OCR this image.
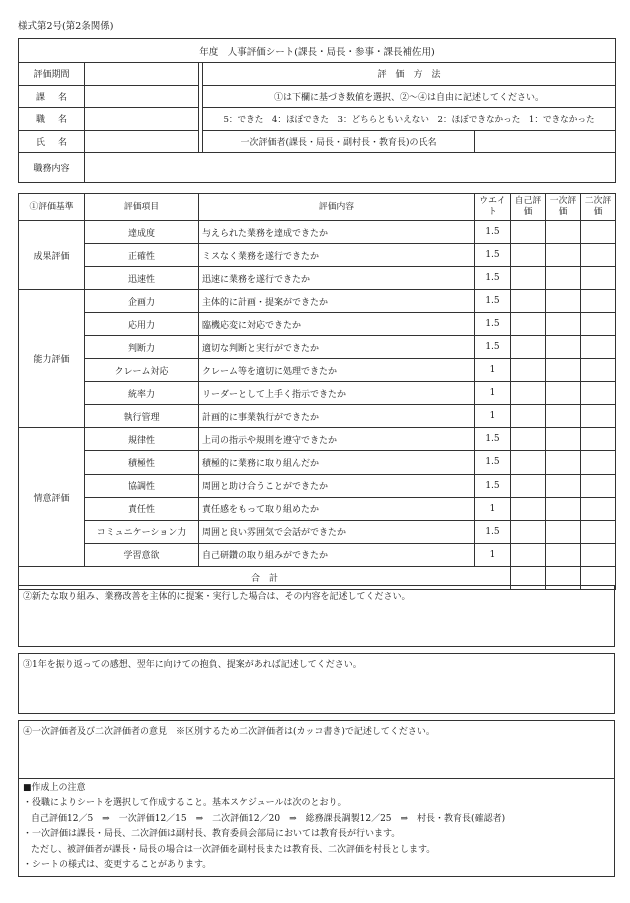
様式第2号(第2条関係)
年度　人事評価シート(課長・局長・参事・課長補佐用)				
評価期間			評　価　方　法	

課 名			①は下欄に基づき数値を選択、②〜④は自由に記述してください。	

職 名			5：できた　4：ほぼできた　3：どちらともいえない　2：ほぼできなかった　1：できなかった	

氏 名			一次評価者(課長・局長・副村長・教育長)の氏名	
職務内容				
①評価基準	評価項目	評価内容	ウエイト	自己評価	一次評価	二次評価
成果評価	達成度	与えられた業務を達成できたか	1.5			
	正確性	ミスなく業務を遂行できたか	1.5			
	迅速性	迅速に業務を遂行できたか	1.5			
能力評価	企画力	主体的に計画・提案ができたか	1.5			
	応用力	臨機応変に対応できたか	1.5			
	判断力	適切な判断と実行ができたか	1.5			
	クレーム対応	クレーム等を適切に処理できたか	1			
	統率力	リーダーとして上手く指示できたか	1			
	執行管理	計画的に事業執行ができたか	1			
情意評価	規律性	上司の指示や規則を遵守できたか	1.5			
	積極性	積極的に業務に取り組んだか	1.5			
	協調性	周囲と助け合うことができたか	1.5			
	責任性	責任感をもって取り組めたか	1			
	コミュニケーション力	周囲と良い雰囲気で会話ができたか	1.5			
	学習意欲	自己研鑽の取り組みができたか	1			
合　計						
②新たな取り組み、業務改善を主体的に提案・実行した場合は、その内容を記述してください。
③1年を振り返っての感想、翌年に向けての抱負、提案があれば記述してください。
④一次評価者及び二次評価者の意見　※区別するため二次評価者は(カッコ書き)で記述してください。
■作成上の注意
・役職によりシートを選択して作成すること。基本スケジュールは次のとおり。
自己評価12／5　⇒　一次評価12／15　⇒　二次評価12／20　⇒　総務課長調製12／25　⇒　村長・教育長(確認者)
・一次評価は課長・局長、二次評価は副村長、教育委員会部局においては教育長が行います。
ただし、被評価者が課長・局長の場合は一次評価を副村長または教育長、二次評価を村長とします。
・シートの様式は、変更することがあります。
